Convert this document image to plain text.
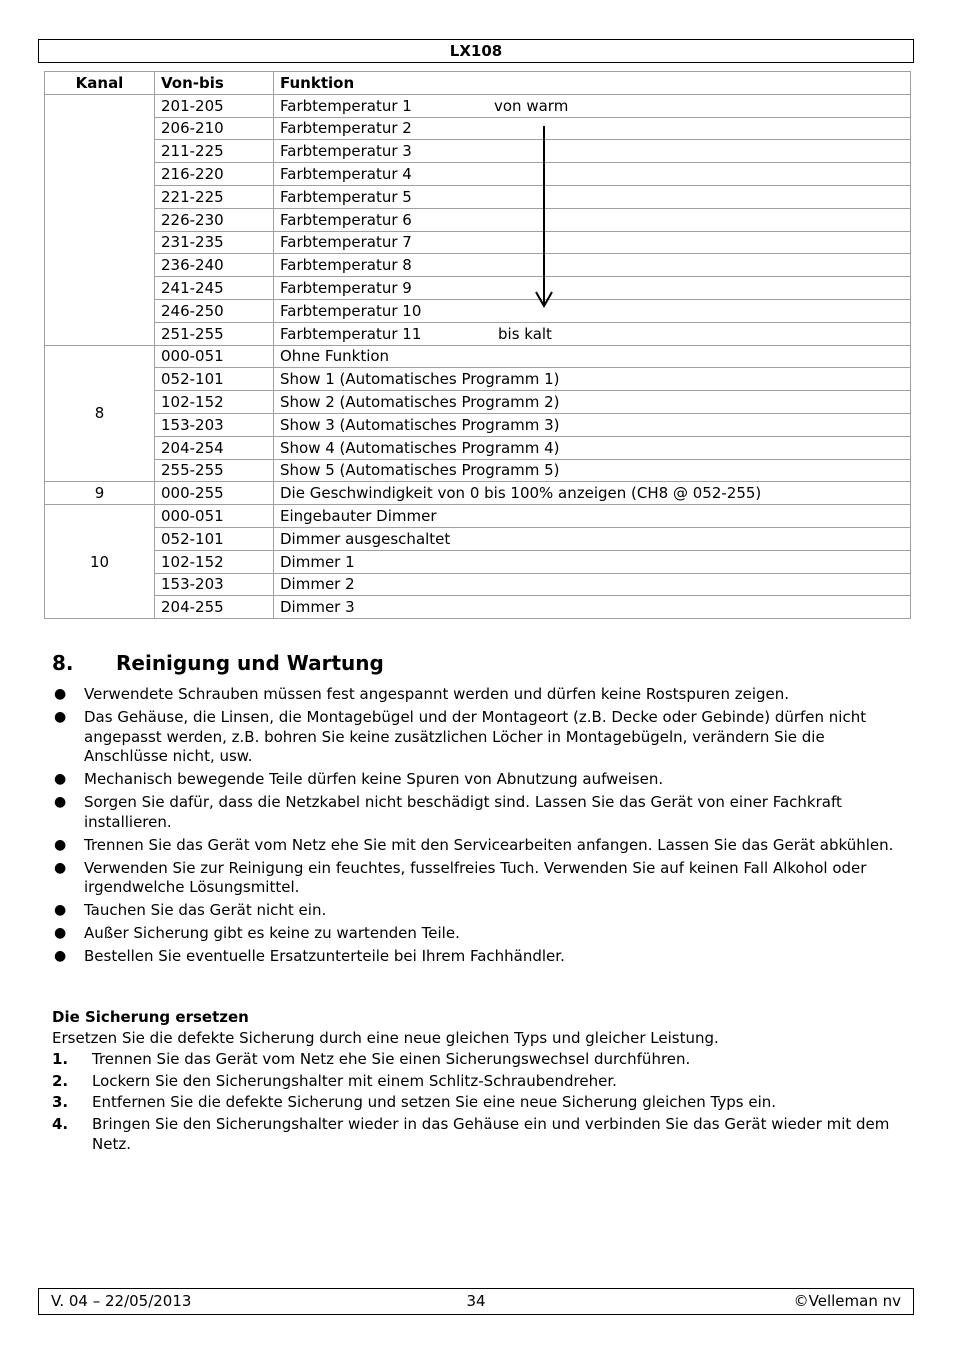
LX108
Kanal	Von-bis	Funktion
	201-205	Farbtemperatur 1 von warm

	206-210	Farbtemperatur 2

	211-225	Farbtemperatur 3

	216-220	Farbtemperatur 4

	221-225	Farbtemperatur 5

	226-230	Farbtemperatur 6

	231-235	Farbtemperatur 7

	236-240	Farbtemperatur 8

	241-245	Farbtemperatur 9

	246-250	Farbtemperatur 10

	251-255	Farbtemperatur 11 bis kalt

8	000-051	Ohne Funktion

	052-101	Show 1 (Automatisches Programm 1)

	102-152	Show 2 (Automatisches Programm 2)

	153-203	Show 3 (Automatisches Programm 3)

	204-254	Show 4 (Automatisches Programm 4)

	255-255	Show 5 (Automatisches Programm 5)

9	000-255	Die Geschwindigkeit von 0 bis 100% anzeigen (CH8 @ 052-255)

10	000-051	Eingebauter Dimmer

	052-101	Dimmer ausgeschaltet

	102-152	Dimmer 1

	153-203	Dimmer 2

	204-255	Dimmer 3
8. Reinigung und Wartung
● Verwendete Schrauben müssen fest angespannt werden und dürfen keine Rostspuren zeigen.
● Das Gehäuse, die Linsen, die Montagebügel und der Montageort (z.B. Decke oder Gebinde) dürfen nicht angepasst werden, z.B. bohren Sie keine zusätzlichen Löcher in Montagebügeln, verändern Sie die Anschlüsse nicht, usw.
● Mechanisch bewegende Teile dürfen keine Spuren von Abnutzung aufweisen.
● Sorgen Sie dafür, dass die Netzkabel nicht beschädigt sind. Lassen Sie das Gerät von einer Fachkraft installieren.
● Trennen Sie das Gerät vom Netz ehe Sie mit den Servicearbeiten anfangen. Lassen Sie das Gerät abkühlen.
● Verwenden Sie zur Reinigung ein feuchtes, fusselfreies Tuch. Verwenden Sie auf keinen Fall Alkohol oder irgendwelche Lösungsmittel.
● Tauchen Sie das Gerät nicht ein.
● Außer Sicherung gibt es keine zu wartenden Teile.
● Bestellen Sie eventuelle Ersatzunterteile bei Ihrem Fachhändler.
Die Sicherung ersetzen
Ersetzen Sie die defekte Sicherung durch eine neue gleichen Typs und gleicher Leistung.
1. Trennen Sie das Gerät vom Netz ehe Sie einen Sicherungswechsel durchführen.
2. Lockern Sie den Sicherungshalter mit einem Schlitz-Schraubendreher.
3. Entfernen Sie die defekte Sicherung und setzen Sie eine neue Sicherung gleichen Typs ein.
4. Bringen Sie den Sicherungshalter wieder in das Gehäuse ein und verbinden Sie das Gerät wieder mit dem Netz.
V. 04 – 22/05/2013	34	©Velleman nv
